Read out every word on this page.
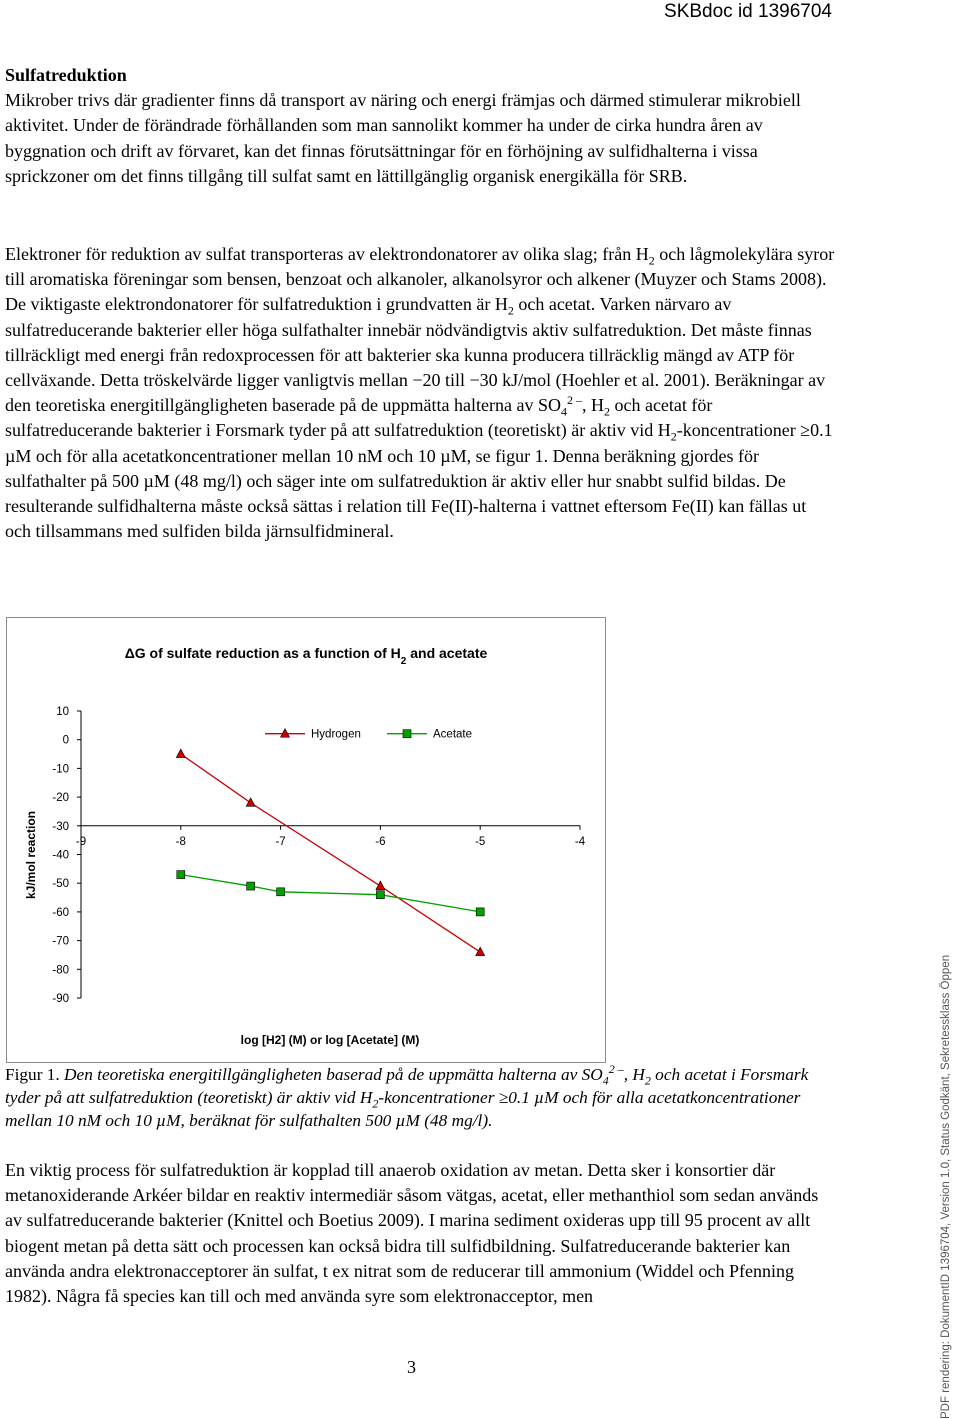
SKBdoc id 1396704
Sulfatreduktion

Mikrober trivs där gradienter finns då transport av näring och energi främjas och därmed stimulerar mikrobiell aktivitet. Under de förändrade förhållanden som man sannolikt kommer ha under de cirka hundra åren av byggnation och drift av förvaret, kan det finnas förutsättningar för en förhöjning av sulfidhalterna i vissa sprickzoner om det finns tillgång till sulfat samt en lättillgänglig organisk energikälla för SRB.

Elektroner för reduktion av sulfat transporteras av elektrondonatorer av olika slag; från $H_2$ och lågmolekylära syror till aromatiska föreningar som bensen, benzoat och alkanoler, alkanolsyror och alkener (Muyzer och Stams 2008). De viktigaste elektrondonatorer för sulfatreduktion i grundvatten är $H_2$ och acetat. Varken närvaro av sulfatreducerande bakterier eller höga sulfathalter innebär nödvändigtvis aktiv sulfatreduktion. Det måste finnas tillräckligt med energi från redoxprocessen för att bakterier ska kunna producera tillräcklig mängd av ATP för cellväxande. Detta tröskelvärde ligger vanligtvis mellan −20 till −30 kJ/mol (Hoehler et al. 2001). Beräkningar av den teoretiska energitillgängligheten baserade på de uppmätta halterna av $SO_4^{2 -}$, $H_2$ och acetat för sulfatreducerande bakterier i Forsmark tyder på att sulfatreduktion (teoretiskt) är aktiv vid $H_2$-koncentrationer ≥0.1 µM och för alla acetatkoncentrationer mellan 10 nM och 10 µM, se figur 1. Denna beräkning gjordes för sulfathalter på 500 µM (48 mg/l) och säger inte om sulfatreduktion är aktiv eller hur snabbt sulfid bildas. De resulterande sulfidhalterna måste också sättas i relation till Fe(II)-halterna i vattnet eftersom Fe(II) kan fällas ut och tillsammans med sulfiden bilda järnsulfidmineral.

ΔG of sulfate reduction as a function of $H_2$ and acetate
10
0
-10
-20
-30
-40
-50
-60
-70
-80
-90
-9	-8	-7	-6	-5	-4
kJ/mol reaction
log [H2] (M) or log [Acetate] (M)
Hydrogen	Acetate
Figur 1. Den teoretiska energitillgängligheten baserad på de uppmätta halterna av $SO_4^{2 -}$, $H_2$ och acetat i Forsmark tyder på att sulfatreduktion (teoretiskt) är aktiv vid $H_2$-koncentrationer ≥0.1 µM och för alla acetatkoncentrationer mellan 10 nM och 10 µM, beräknat för sulfathalten 500 µM (48 mg/l).

En viktig process för sulfatreduktion är kopplad till anaerob oxidation av metan. Detta sker i konsortier där metanoxiderande Arkéer bildar en reaktiv intermediär såsom vätgas, acetat, eller methanthiol som sedan används av sulfatreducerande bakterier (Knittel och Boetius 2009). I marina sediment oxideras upp till 95 procent av allt biogent metan på detta sätt och processen kan också bidra till sulfidbildning. Sulfatreducerande bakterier kan använda andra elektronacceptorer än sulfat, t ex nitrat som de reducerar till ammonium (Widdel och Pfenning 1982). Några få species kan till och med använda syre som elektronacceptor, men

3	PDF rendering: DokumentID 1396704, Version 1.0, Status Godkänt, Sekretessklass Öppen
